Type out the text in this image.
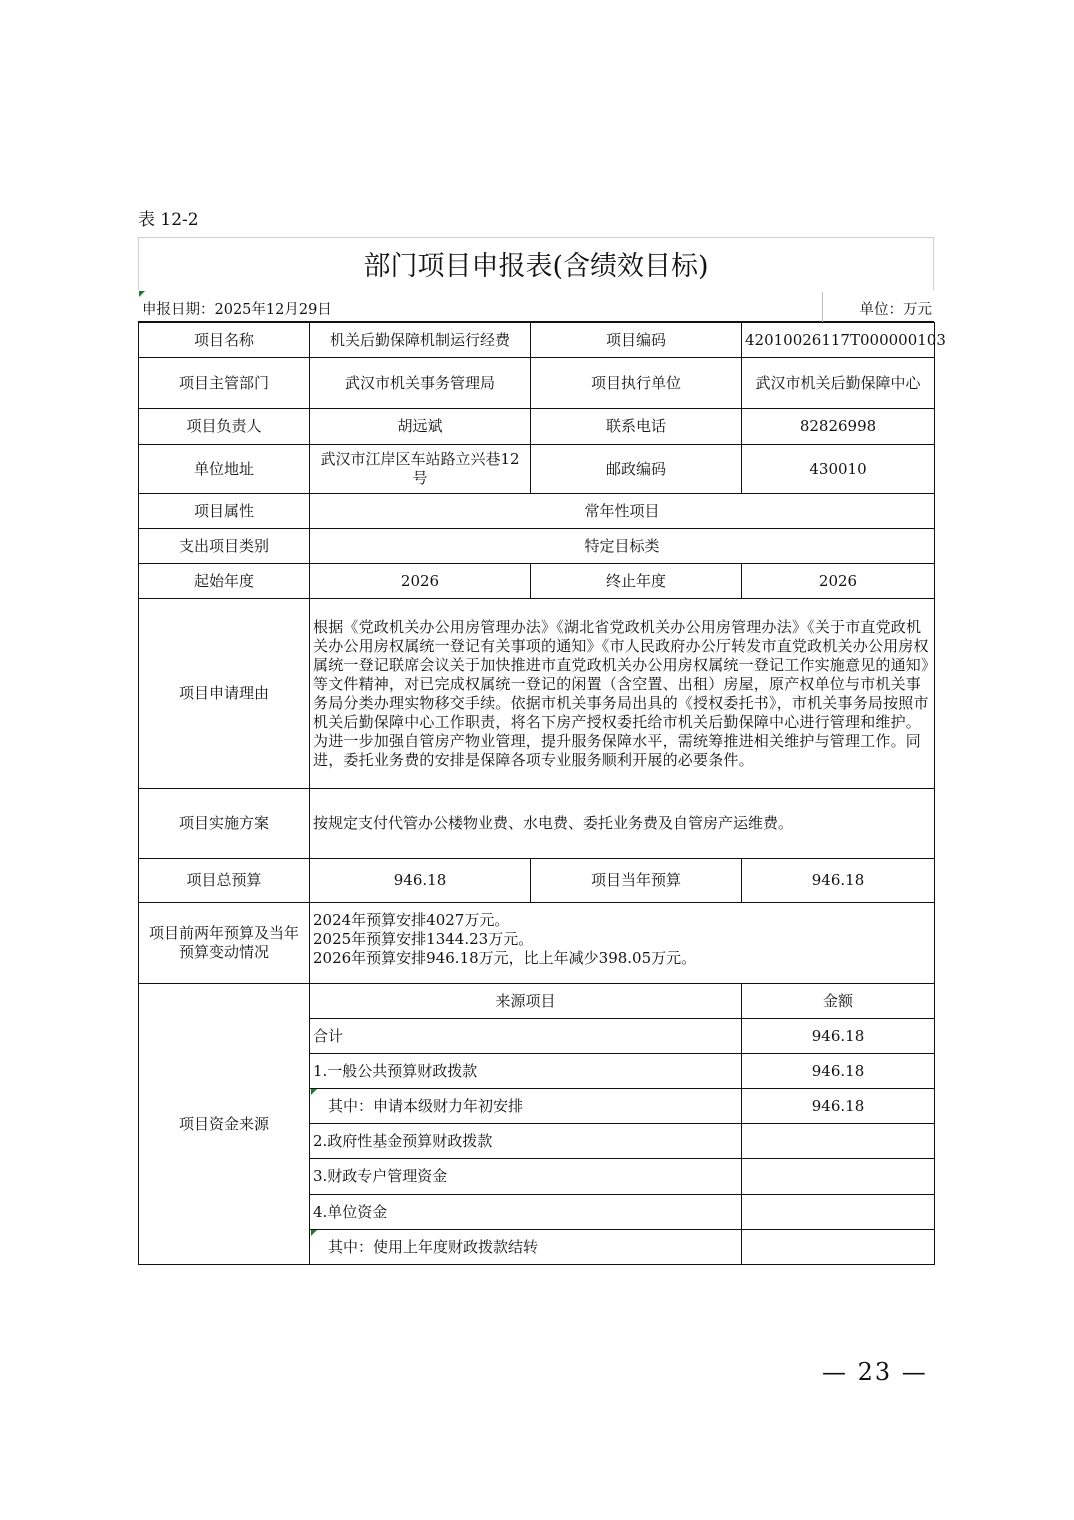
表 12-2
部门项目申报表(含绩效目标)
申报日期：2025年12月29日	单位：万元
项目名称	机关后勤保障机制运行经费	项目编码	42010026117T000000103
项目主管部门	武汉市机关事务管理局	项目执行单位	武汉市机关后勤保障中心
项目负责人	胡远斌	联系电话	82826998
单位地址	武汉市江岸区车站路立兴巷12号	邮政编码	430010
项目属性	常年性项目		
支出项目类别	特定目标类		
起始年度	2026	终止年度	2026
项目申请理由	根据《党政机关办公用房管理办法》《湖北省党政机关办公用房管理办法》《关于市直党政机关办公用房权属统一登记有关事项的通知》《市人民政府办公厅转发市直党政机关办公用房权属统一登记联席会议关于加快推进市直党政机关办公用房权属统一登记工作实施意见的通知》等文件精神，对已完成权属统一登记的闲置（含空置、出租）房屋，原产权单位与市机关事务局分类办理实物移交手续。依据市机关事务局出具的《授权委托书》，市机关事务局按照市机关后勤保障中心工作职责，将名下房产授权委托给市机关后勤保障中心进行管理和维护。为进一步加强自管房产物业管理，提升服务保障水平，需统筹推进相关维护与管理工作。同进，委托业务费的安排是保障各项专业服务顺利开展的必要条件。		
项目实施方案	按规定支付代管办公楼物业费、水电费、委托业务费及自管房产运维费。		
项目总预算	946.18	项目当年预算	946.18
项目前两年预算及当年预算变动情况	2024年预算安排4027万元。
2025年预算安排1344.23万元。
2026年预算安排946.18万元，比上年减少398.05万元。		

项目资金来源	来源项目		金额
	合计		946.18
	1.一般公共预算财政拨款		946.18
	其中：申请本级财力年初安排		946.18
	2.政府性基金预算财政拨款		
	3.财政专户管理资金		
	4.单位资金		
	其中：使用上年度财政拨款结转		
— 23 —
